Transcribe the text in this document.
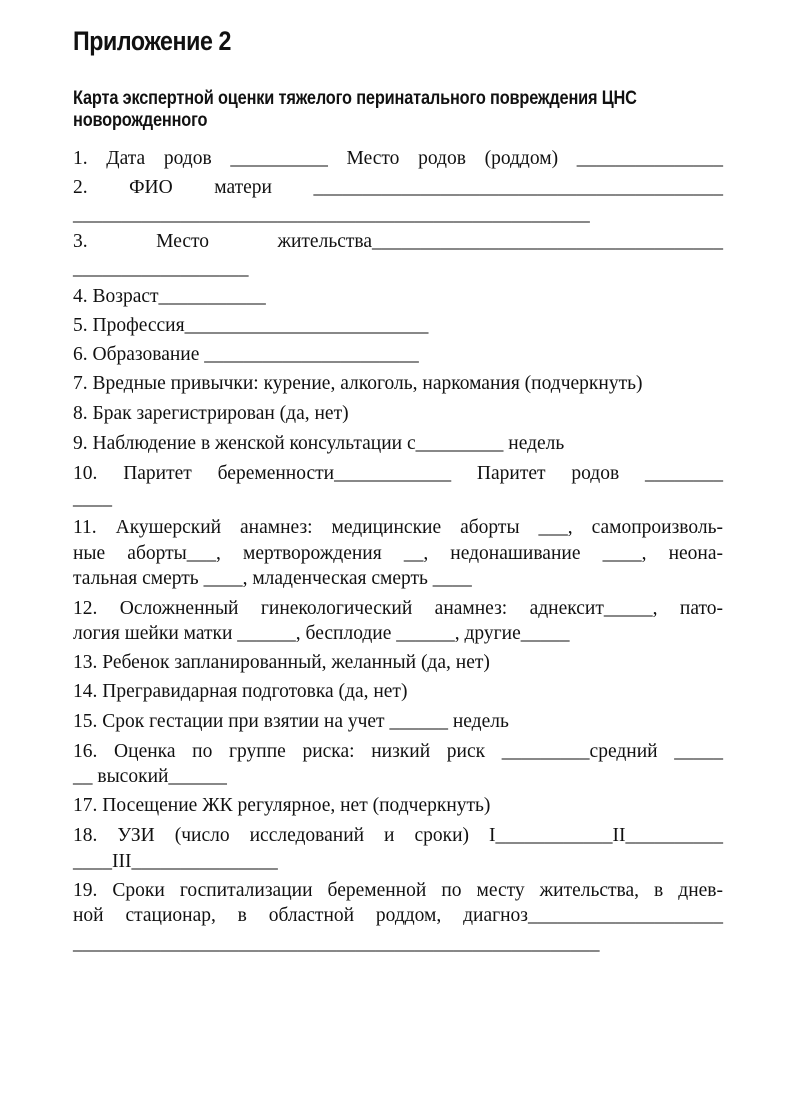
Приложение 2
Карта экспертной оценки тяжелого перинатального повреждения ЦНС
новорожденного
1. Дата родов __________ Место родов (роддом) _______________
2. ФИО матери __________________________________________
_____________________________________________________
3. Место жительства____________________________________
__________________
4. Возраст___________
5. Профессия_________________________
6. Образование ______________________
7. Вредные привычки: курение, алкоголь, наркомания (подчеркнуть)
8. Брак зарегистрирован (да, нет)
9. Наблюдение в женской консультации с_________ недель
10. Паритет беременности____________ Паритет родов ________
____
11. Акушерский анамнез: медицинские аборты ___, самопроизволь-
ные аборты___, мертворождения __, недонашивание ____, неона-
тальная смерть ____, младенческая смерть ____
12. Осложненный гинекологический анамнез: аднексит_____, пато-
логия шейки матки ______, бесплодие ______, другие_____
13. Ребенок запланированный, желанный (да, нет)
14. Прегравидарная подготовка (да, нет)
15. Срок гестации при взятии на учет ______ недель
16. Оценка по группе риска: низкий риск _________средний _____
__ высокий______
17. Посещение ЖК регулярное, нет (подчеркнуть)
18. УЗИ (число исследований и сроки) I____________II__________
____III_______________
19. Сроки госпитализации беременной по месту жительства, в днев-
ной стационар, в областной роддом, диагноз____________________
______________________________________________________
